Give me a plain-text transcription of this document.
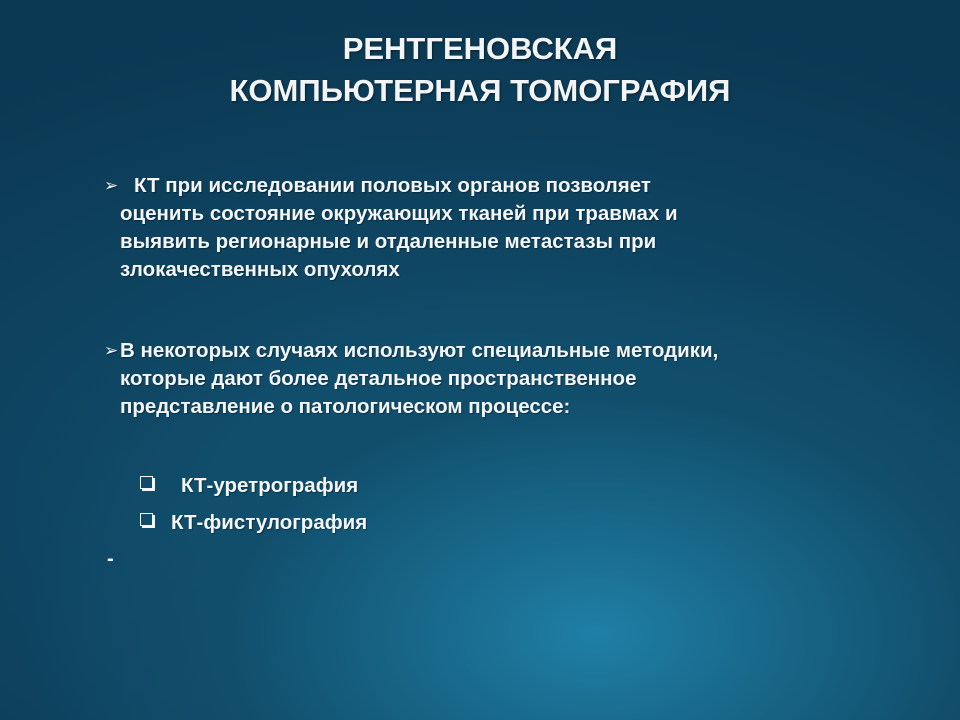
РЕНТГЕНОВСКАЯ
КОМПЬЮТЕРНАЯ ТОМОГРАФИЯ
➢ КТ при исследовании половых органов позволяет
оценить состояние окружающих тканей при травмах и
выявить регионарные и отдаленные метастазы при
злокачественных опухолях
➢ В некоторых случаях используют специальные методики,
которые дают более детальное пространственное
представление о патологическом процессе:
КТ-уретрография
КТ-фистулография
-
